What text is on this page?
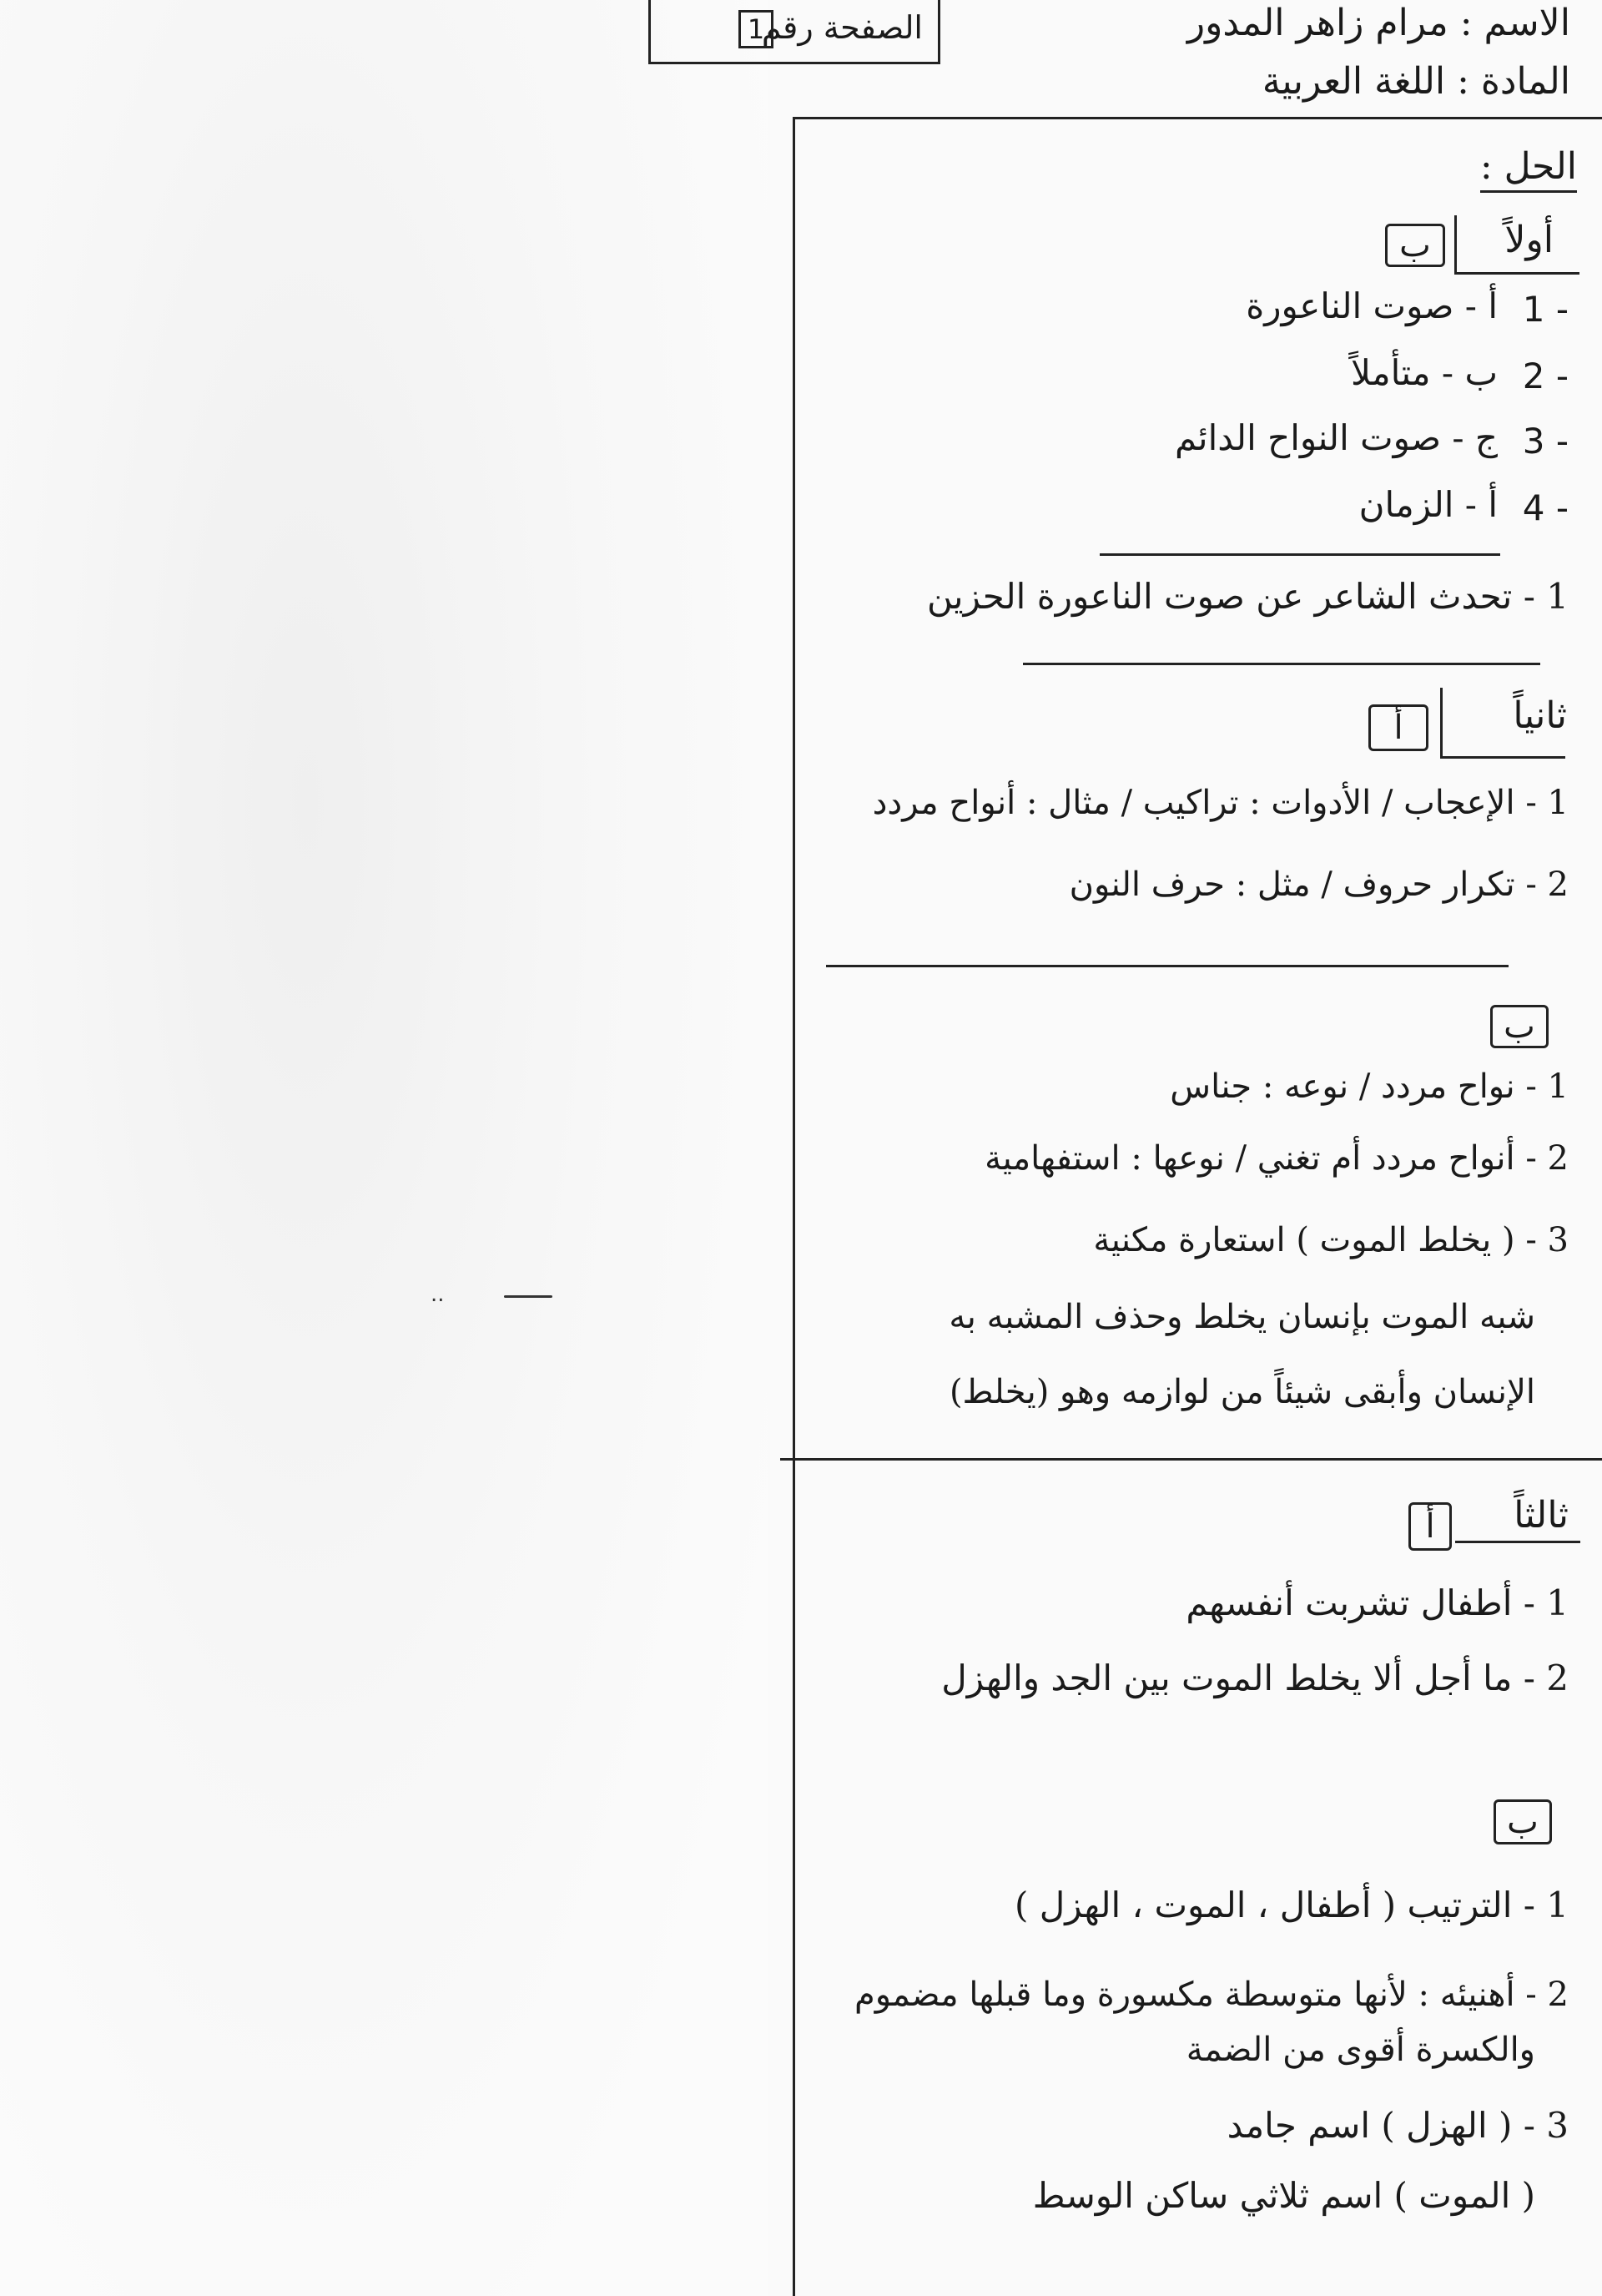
الصفحة رقم
1	الاسم : مرام زاهر المدور
المادة : اللغة العربية
الحل :
أولاً
ب
1 -
أ - صوت الناعورة
2 -
ب - متأملاً
3 -
ج - صوت النواح الدائم
4 -
أ - الزمان
1 - تحدث الشاعر عن صوت الناعورة الحزين
ثانياً
أ
1 - الإعجاب / الأدوات : تراكيب / مثال : أنواح مردد
2 - تكرار حروف / مثل : حرف النون
ب
1 - نواح مردد / نوعه : جناس
2 - أنواح مردد أم تغني / نوعها : استفهامية
3 - ( يخلط الموت ) استعارة مكنية
شبه الموت بإنسان يخلط وحذف المشبه به
الإنسان وأبقى شيئاً من لوازمه وهو (يخلط)
ثالثاً
أ
1 - أطفال تشربت أنفسهم
2 - ما أجل ألا يخلط الموت بين الجد والهزل
ب
1 - الترتيب ( أطفال ، الموت ، الهزل )
2 - أهنيئه : لأنها متوسطة مكسورة وما قبلها مضموم
والكسرة أقوى من الضمة
3 - ( الهزل ) اسم جامد
( الموت ) اسم ثلاثي ساكن الوسط
..
